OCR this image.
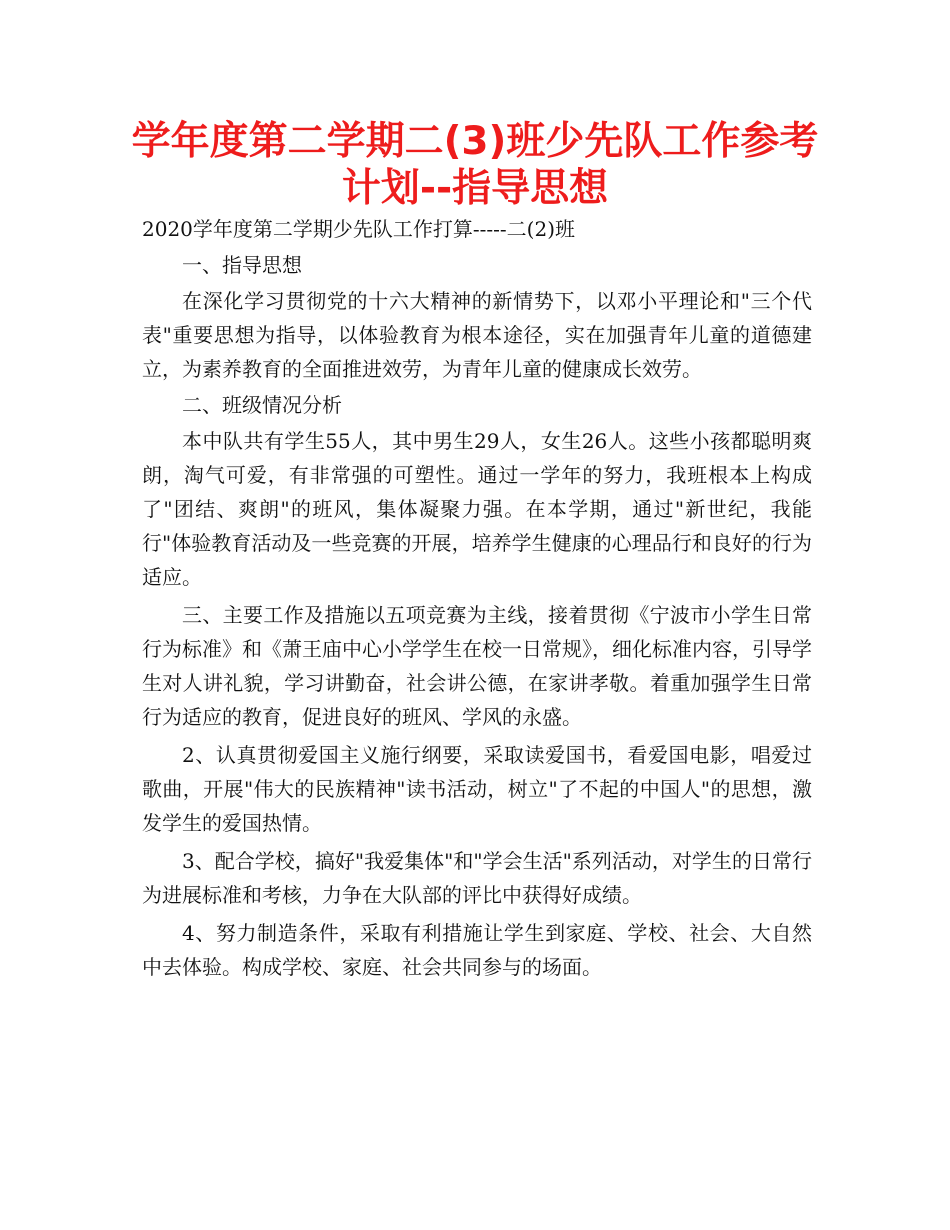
学年度第二学期二(3)班少先队工作参考计划--指导思想

2020学年度第二学期少先队工作打算-----二(2)班

一、指导思想

在深化学习贯彻党的十六大精神的新情势下，以邓小平理论和"三个代表"重要思想为指导，以体验教育为根本途径，实在加强青年儿童的道德建立，为素养教育的全面推进效劳，为青年儿童的健康成长效劳。

二、班级情况分析

本中队共有学生55人，其中男生29人，女生26人。这些小孩都聪明爽朗，淘气可爱，有非常强的可塑性。通过一学年的努力，我班根本上构成了"团结、爽朗"的班风，集体凝聚力强。在本学期，通过"新世纪，我能行"体验教育活动及一些竞赛的开展，培养学生健康的心理品行和良好的行为适应。

三、主要工作及措施以五项竞赛为主线，接着贯彻《宁波市小学生日常行为标准》和《萧王庙中心小学学生在校一日常规》，细化标准内容，引导学生对人讲礼貌，学习讲勤奋，社会讲公德，在家讲孝敬。着重加强学生日常行为适应的教育，促进良好的班风、学风的永盛。

2、认真贯彻爱国主义施行纲要，采取读爱国书，看爱国电影，唱爱过歌曲，开展"伟大的民族精神"读书活动，树立"了不起的中国人"的思想，激发学生的爱国热情。

3、配合学校，搞好"我爱集体"和"学会生活"系列活动，对学生的日常行为进展标准和考核，力争在大队部的评比中获得好成绩。

4、努力制造条件，采取有利措施让学生到家庭、学校、社会、大自然中去体验。构成学校、家庭、社会共同参与的场面。
